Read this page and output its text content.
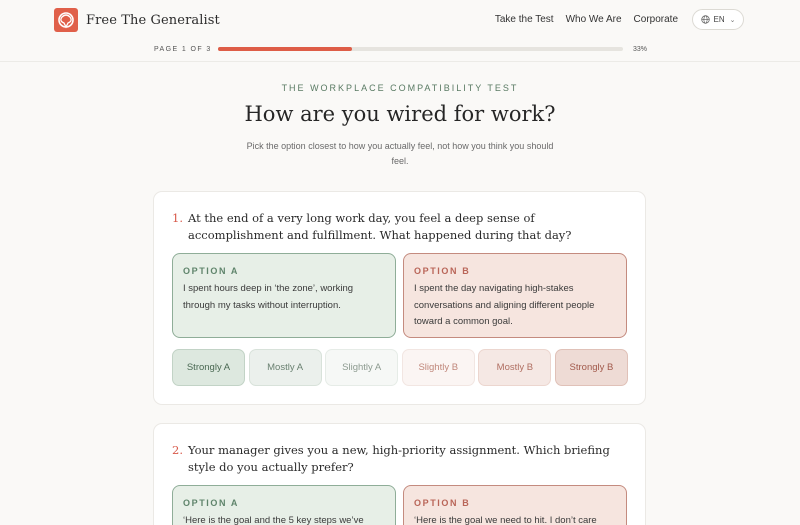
Free The Generalist	Take the Test Who We Are Corporate	EN ⌄
PAGE 1 OF 3	33%
THE WORKPLACE COMPATIBILITY TEST
How are you wired for work?

Pick the option closest to how you actually feel, not how you think you should feel.

1. At the end of a very long work day, you feel a deep sense of accomplishment and fulfillment. What happened during that day?
OPTION A
I spent hours deep in ‘the zone’, working through my tasks without interruption.
OPTION B
I spent the day navigating high-stakes conversations and aligning different people toward a common goal.
Strongly A	Mostly A	Slightly A	Slightly B	Mostly B	Strongly B
2. Your manager gives you a new, high-priority assignment. Which briefing style do you actually prefer?
OPTION A
‘Here is the goal and the 5 key steps we’ve
OPTION B
‘Here is the goal we need to hit. I don’t care
